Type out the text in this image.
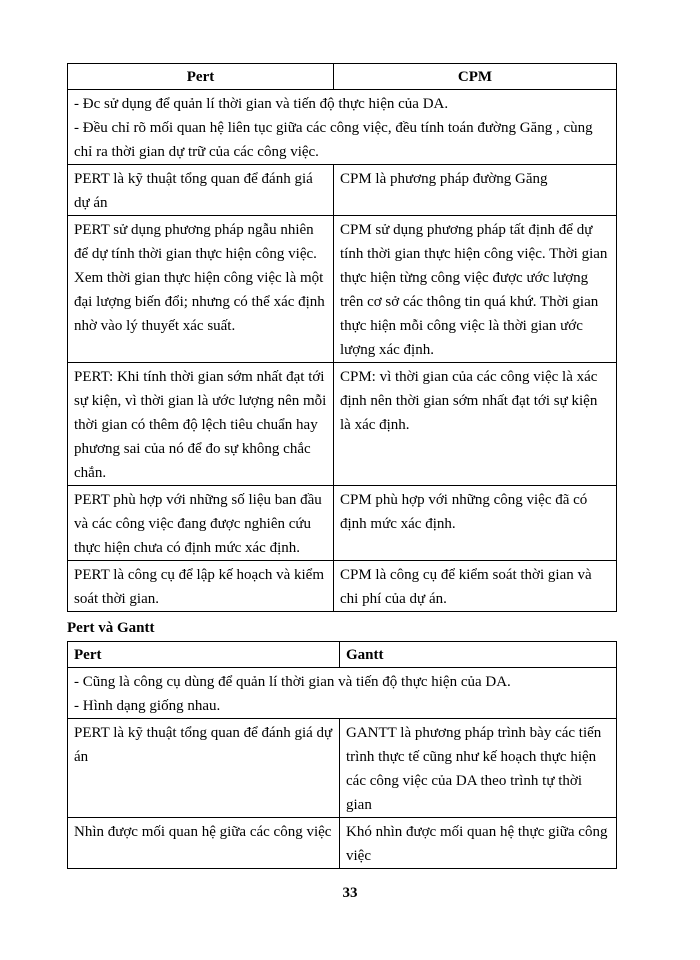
Pert	CPM

- Đc sử dụng để quản lí thời gian và tiến độ thực hiện của DA.

- Đều chỉ rõ mối quan hệ liên tục giữa các công việc, đều tính toán đường Găng , cùng chỉ ra thời gian dự trữ của các công việc.	

PERT là kỹ thuật tổng quan để đánh giá dự án	CPM là phương pháp đường Găng
PERT sử dụng phương pháp ngẫu nhiên để dự tính thời gian thực hiện công việc. Xem thời gian thực hiện công việc là một đại lượng biến đổi; nhưng có thể xác định nhờ vào lý thuyết xác suất.	CPM sử dụng phương pháp tất định để dự tính thời gian thực hiện công việc. Thời gian thực hiện từng công việc được ước lượng trên cơ sở các thông tin quá khứ. Thời gian thực hiện mỗi công việc là thời gian ước lượng xác định.
PERT: Khi tính thời gian sớm nhất đạt tới sự kiện, vì thời gian là ước lượng nên mỗi thời gian có thêm độ lệch tiêu chuẩn hay phương sai của nó để đo sự không chắc chắn.	CPM: vì thời gian của các công việc là xác định nên thời gian sớm nhất đạt tới sự kiện là xác định.
PERT phù hợp với những số liệu ban đầu và các công việc đang được nghiên cứu thực hiện chưa có định mức xác định.	CPM phù hợp với những công việc đã có định mức xác định.
PERT là công cụ để lập kế hoạch và kiểm soát thời gian.	CPM là công cụ để kiểm soát thời gian và chi phí của dự án.

Pert và Gantt

Pert	Gantt

- Cũng là công cụ dùng để quản lí thời gian và tiến độ thực hiện của DA.

- Hình dạng giống nhau.	

PERT là kỹ thuật tổng quan để đánh giá dự án	GANTT là phương pháp trình bày các tiến trình thực tế cũng như kế hoạch thực hiện các công việc của DA theo trình tự thời gian
Nhìn được mối quan hệ giữa các công việc	Khó nhìn được mối quan hệ thực giữa công việc
33
